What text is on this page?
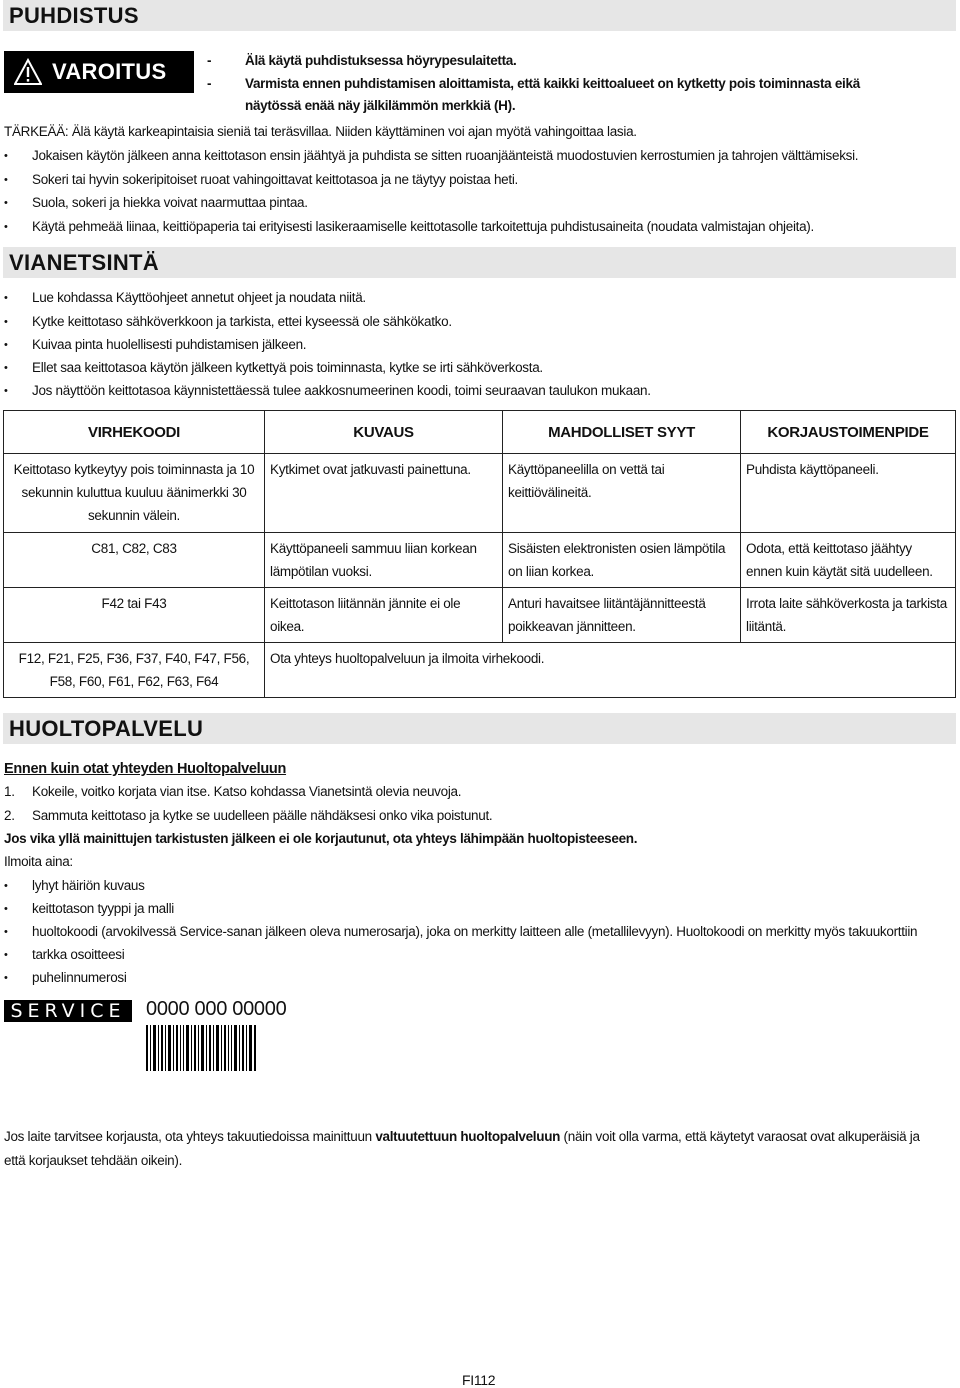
PUHDISTUS
VAROITUS	-	Älä käytä puhdistuksessa höyrypesulaitetta.
-	Varmista ennen puhdistamisen aloittamista, että kaikki keittoalueet on kytketty pois toiminnasta eikä
näytössä enää näy jälkilämmön merkkiä (H).
TÄRKEÄÄ: Älä käytä karkeapintaisia sieniä tai teräsvillaa. Niiden käyttäminen voi ajan myötä vahingoittaa lasia.
• Jokaisen käytön jälkeen anna keittotason ensin jäähtyä ja puhdista se sitten ruoanjäänteistä muodostuvien kerrostumien ja tahrojen välttämiseksi.
• Sokeri tai hyvin sokeripitoiset ruoat vahingoittavat keittotasoa ja ne täytyy poistaa heti.
• Suola, sokeri ja hiekka voivat naarmuttaa pintaa.
• Käytä pehmeää liinaa, keittiöpaperia tai erityisesti lasikeraamiselle keittotasolle tarkoitettuja puhdistusaineita (noudata valmistajan ohjeita).
VIANETSINTÄ
• Lue kohdassa Käyttöohjeet annetut ohjeet ja noudata niitä.
• Kytke keittotaso sähköverkkoon ja tarkista, ettei kyseessä ole sähkökatko.
• Kuivaa pinta huolellisesti puhdistamisen jälkeen.
• Ellet saa keittotasoa käytön jälkeen kytkettyä pois toiminnasta, kytke se irti sähköverkosta.
• Jos näyttöön keittotasoa käynnistettäessä tulee aakkosnumeerinen koodi, toimi seuraavan taulukon mukaan.
VIRHEKOODI	KUVAUS	MAHDOLLISET SYYT	KORJAUSTOIMENPIDE
Keittotaso kytkeytyy pois toiminnasta ja 10 sekunnin kuluttua kuuluu äänimerkki 30 sekunnin välein.	Kytkimet ovat jatkuvasti painettuna.	Käyttöpaneelilla on vettä tai keittiövälineitä.	Puhdista käyttöpaneeli.
C81, C82, C83	Käyttöpaneeli sammuu liian korkean lämpötilan vuoksi.	Sisäisten elektronisten osien lämpötila on liian korkea.	Odota, että keittotaso jäähtyy ennen kuin käytät sitä uudelleen.
F42 tai F43	Keittotason liitännän jännite ei ole oikea.	Anturi havaitsee liitäntäjännitteestä poikkeavan jännitteen.	Irrota laite sähköverkosta ja tarkista liitäntä.
F12, F21, F25, F36, F37, F40, F47, F56, F58, F60, F61, F62, F63, F64	Ota yhteys huoltopalveluun ja ilmoita virhekoodi.		
HUOLTOPALVELU
Ennen kuin otat yhteyden Huoltopalveluun
1. Kokeile, voitko korjata vian itse. Katso kohdassa Vianetsintä olevia neuvoja.
2. Sammuta keittotaso ja kytke se uudelleen päälle nähdäksesi onko vika poistunut.
Jos vika yllä mainittujen tarkistusten jälkeen ei ole korjautunut, ota yhteys lähimpään huoltopisteeseen.
Ilmoita aina:
• lyhyt häiriön kuvaus
• keittotason tyyppi ja malli
• huoltokoodi (arvokilvessä Service-sanan jälkeen oleva numerosarja), joka on merkitty laitteen alle (metallilevyyn). Huoltokoodi on merkitty myös takuukorttiin
• tarkka osoitteesi
• puhelinnumerosi
SERVICE	0000 000 00000
Jos laite tarvitsee korjausta, ota yhteys takuutiedoissa mainittuun valtuutettuun huoltopalveluun (näin voit olla varma, että käytetyt varaosat ovat alkuperäisiä ja
että korjaukset tehdään oikein).
FI112
